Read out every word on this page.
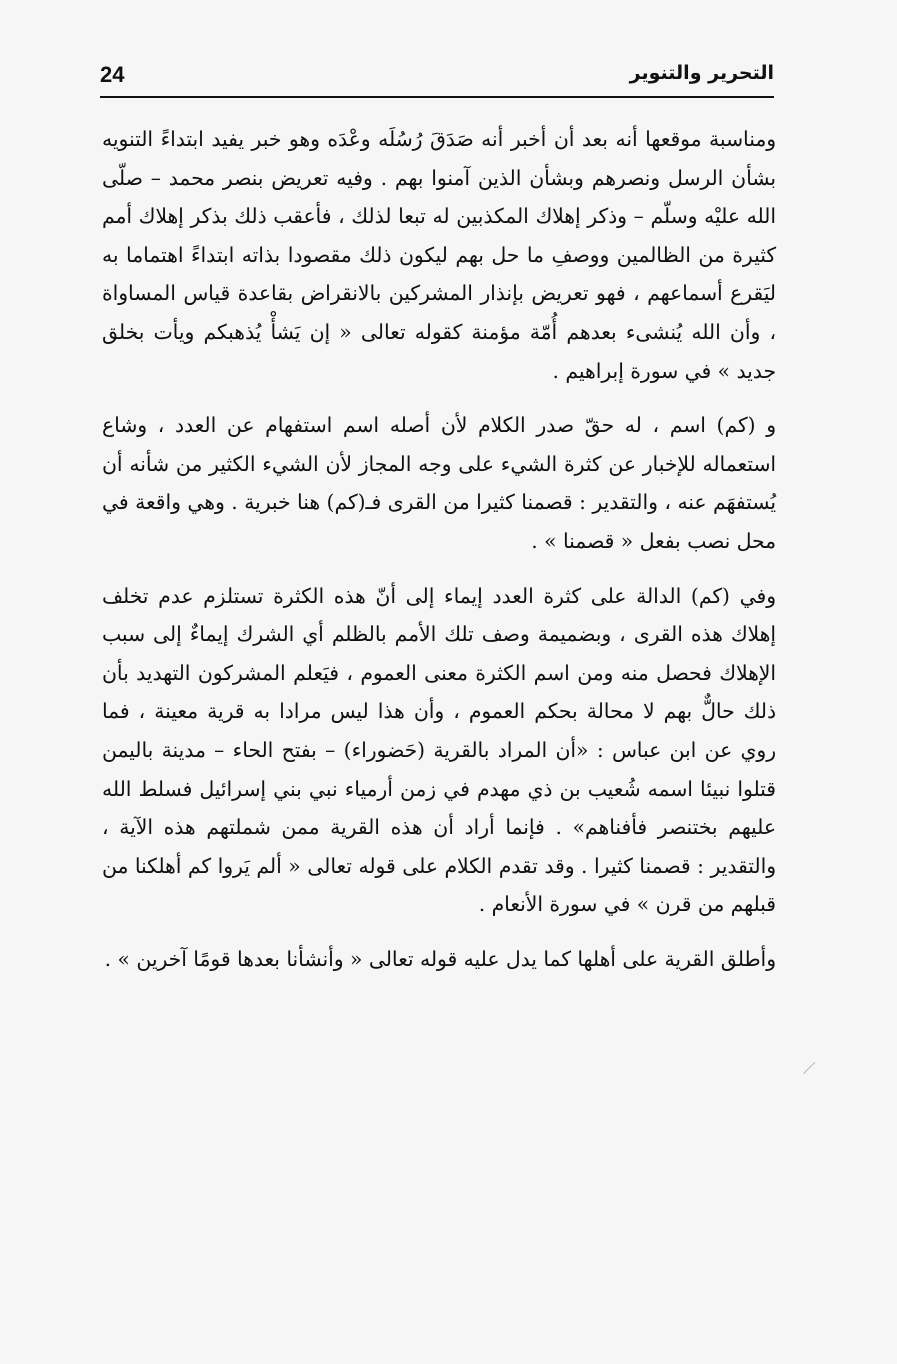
24	التحرير والتنوير

ومناسبة موقعها أنه بعد أن أخبر أنه صَدَقَ رُسُلَه وعْدَه وهو خبر يفيد ابتداءً التنويه بشأن الرسل ونصرهم وبشأن الذين آمنوا بهم . وفيه تعريض بنصر محمد – صلّى الله عليْه وسلّم – وذكر إهلاك المكذبين له تبعا لذلك ، فأعقب ذلك بذكر إهلاك أمم كثيرة من الظالمين ووصفِ ما حل بهم ليكون ذلك مقصودا بذاته ابتداءً اهتماما به ليَقرع أسماعهم ، فهو تعريض بإنذار المشركين بالانقراض بقاعدة قياس المساواة ، وأن الله يُنشىء بعدهم أُمّة مؤمنة كقوله تعالى « إن يَشأْ يُذهبكم ويأت بخلق جديد » في سورة إبراهيم .

و (كم) اسم ، له حقّ صدر الكلام لأن أصله اسم استفهام عن العدد ، وشاع استعماله للإخبار عن كثرة الشيء على وجه المجاز لأن الشيء الكثير من شأنه أن يُستفهَم عنه ، والتقدير : قصمنا كثيرا من القرى فـ(كم) هنا خبرية . وهي واقعة في محل نصب بفعل « قصمنا » .

وفي (كم) الدالة على كثرة العدد إيماء إلى أنّ هذه الكثرة تستلزم عدم تخلف إهلاك هذه القرى ، وبضميمة وصف تلك الأمم بالظلم أي الشرك إيماءٌ إلى سبب الإهلاك فحصل منه ومن اسم الكثرة معنى العموم ، فيَعلم المشركون التهديد بأن ذلك حالٌّ بهم لا محالة بحكم العموم ، وأن هذا ليس مرادا به قرية معينة ، فما روي عن ابن عباس : «أن المراد بالقرية (حَضوراء) – بفتح الحاء – مدينة باليمن قتلوا نبيئا اسمه شُعيب بن ذي مهدم في زمن أرمياء نبي بني إسرائيل فسلط الله عليهم بختنصر فأفناهم» . فإنما أراد أن هذه القرية ممن شملتهم هذه الآية ، والتقدير : قصمنا كثيرا . وقد تقدم الكلام على قوله تعالى « ألم يَروا كم أهلكنا من قبلهم من قرن » في سورة الأنعام .

وأطلق القرية على أهلها كما يدل عليه قوله تعالى « وأنشأنا بعدها قومًا آخرين » .
